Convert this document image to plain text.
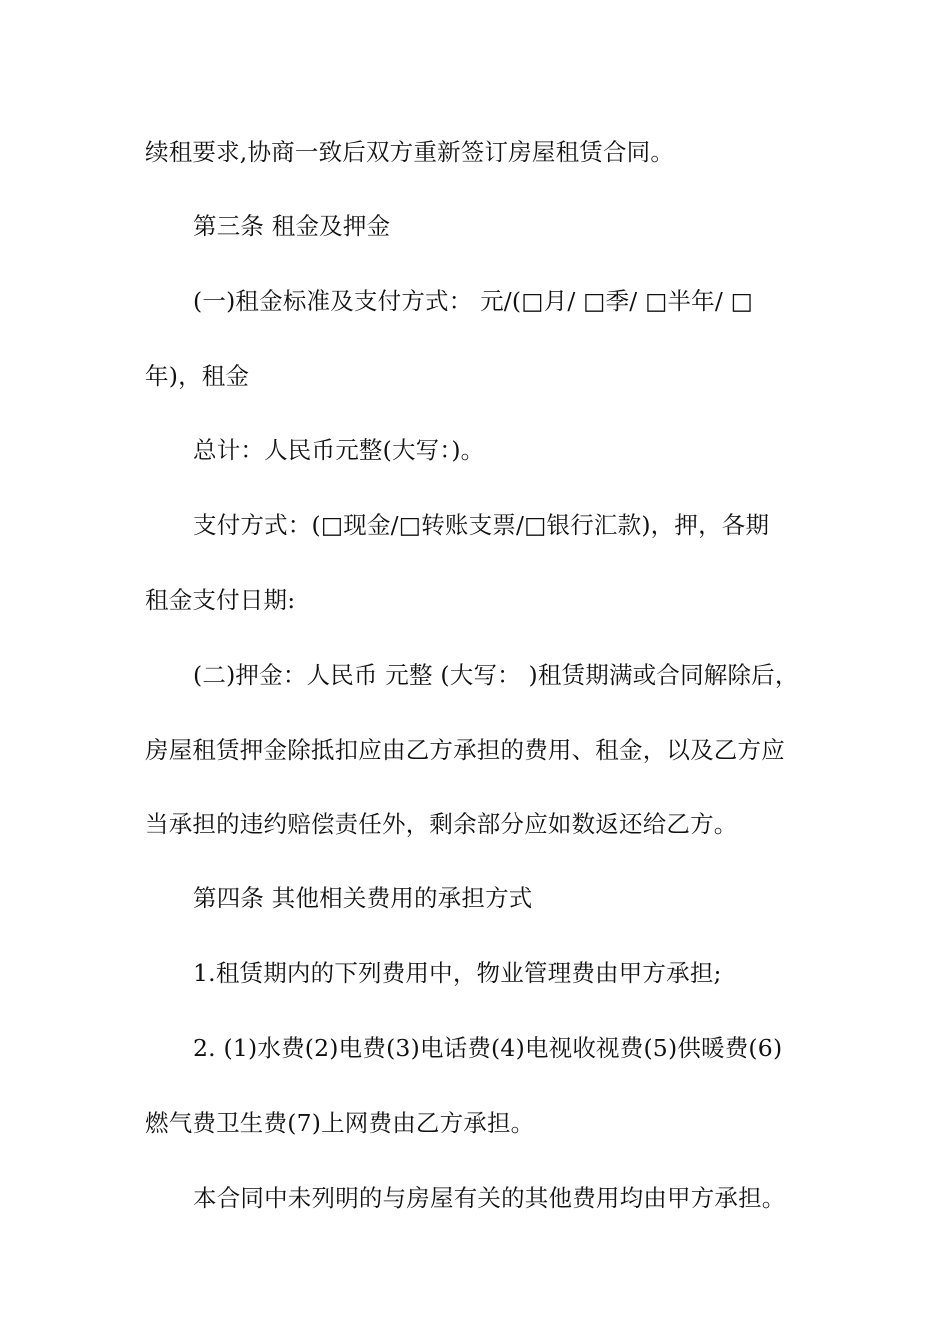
续租要求,协商一致后双方重新签订房屋租赁合同。
第三条 租金及押金
(一)租金标准及支付方式： 元/(□月/ □季/ □半年/ □
年)，租金
总计：人民币元整(大写：)。
支付方式：(□现金/□转账支票/□银行汇款)，押，各期
租金支付日期:
(二)押金：人民币 元整 (大写： )租赁期满或合同解除后，
房屋租赁押金除抵扣应由乙方承担的费用、租金，以及乙方应
当承担的违约赔偿责任外，剩余部分应如数返还给乙方。
第四条 其他相关费用的承担方式
1.租赁期内的下列费用中，物业管理费由甲方承担;
2. (1)水费(2)电费(3)电话费(4)电视收视费(5)供暖费(6)
燃气费卫生费(7)上网费由乙方承担。
本合同中未列明的与房屋有关的其他费用均由甲方承担。
